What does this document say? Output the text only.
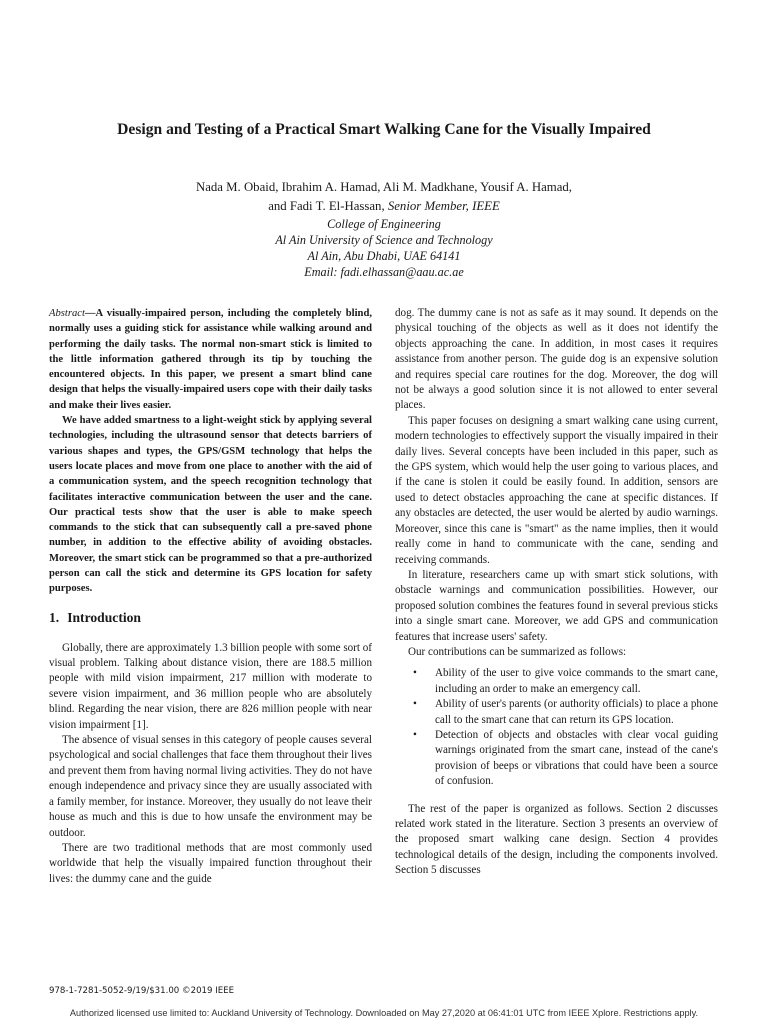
Design and Testing of a Practical Smart Walking Cane for the Visually Impaired
Nada M. Obaid, Ibrahim A. Hamad, Ali M. Madkhane, Yousif A. Hamad,
and Fadi T. El-Hassan, Senior Member, IEEE
College of Engineering
Al Ain University of Science and Technology
Al Ain, Abu Dhabi, UAE 64141
Email: fadi.elhassan@aau.ac.ae

Abstract—A visually-impaired person, including the completely blind, normally uses a guiding stick for assistance while walking around and performing the daily tasks. The normal non-smart stick is limited to the little information gathered through its tip by touching the encountered objects. In this paper, we present a smart blind cane design that helps the visually-impaired users cope with their daily tasks and make their lives easier.

We have added smartness to a light-weight stick by applying several technologies, including the ultrasound sensor that detects barriers of various shapes and types, the GPS/GSM technology that helps the users locate places and move from one place to another with the aid of a communication system, and the speech recognition technology that facilitates interactive communication between the user and the cane. Our practical tests show that the user is able to make speech commands to the stick that can subsequently call a pre-saved phone number, in addition to the effective ability of avoiding obstacles. Moreover, the smart stick can be programmed so that a pre-authorized person can call the stick and determine its GPS location for safety purposes.

1. Introduction

Globally, there are approximately 1.3 billion people with some sort of visual problem. Talking about distance vision, there are 188.5 million people with mild vision impairment, 217 million with moderate to severe vision impairment, and 36 million people who are absolutely blind. Regarding the near vision, there are 826 million people with near vision impairment [1].

The absence of visual senses in this category of people causes several psychological and social challenges that face them throughout their lives and prevent them from having normal living activities. They do not have enough independence and privacy since they are usually associated with a family member, for instance. Moreover, they usually do not leave their house as much and this is due to how unsafe the environment may be outdoor.

There are two traditional methods that are most commonly used worldwide that help the visually impaired function throughout their lives: the dummy cane and the guide

dog. The dummy cane is not as safe as it may sound. It depends on the physical touching of the objects as well as it does not identify the objects approaching the cane. In addition, in most cases it requires assistance from another person. The guide dog is an expensive solution and requires special care routines for the dog. Moreover, the dog will not be always a good solution since it is not allowed to enter several places.

This paper focuses on designing a smart walking cane using current, modern technologies to effectively support the visually impaired in their daily lives. Several concepts have been included in this paper, such as the GPS system, which would help the user going to various places, and if the cane is stolen it could be easily found. In addition, sensors are used to detect obstacles approaching the cane at specific distances. If any obstacles are detected, the user would be alerted by audio warnings. Moreover, since this cane is "smart" as the name implies, then it would really come in hand to communicate with the cane, sending and receiving commands.

In literature, researchers came up with smart stick solutions, with obstacle warnings and communication possibilities. However, our proposed solution combines the features found in several previous sticks into a single smart cane. Moreover, we add GPS and communication features that increase users' safety.

Our contributions can be summarized as follows:

• Ability of the user to give voice commands to the smart cane, including an order to make an emergency call.
• Ability of user's parents (or authority officials) to place a phone call to the smart cane that can return its GPS location.
• Detection of objects and obstacles with clear vocal guiding warnings originated from the smart cane, instead of the cane's provision of beeps or vibrations that could have been a source of confusion.

The rest of the paper is organized as follows. Section 2 discusses related work stated in the literature. Section 3 presents an overview of the proposed smart walking cane design. Section 4 provides technological details of the design, including the components involved. Section 5 discusses

978-1-7281-5052-9/19/$31.00 ©2019 IEEE
Authorized licensed use limited to: Auckland University of Technology. Downloaded on May 27,2020 at 06:41:01 UTC from IEEE Xplore. Restrictions apply.
